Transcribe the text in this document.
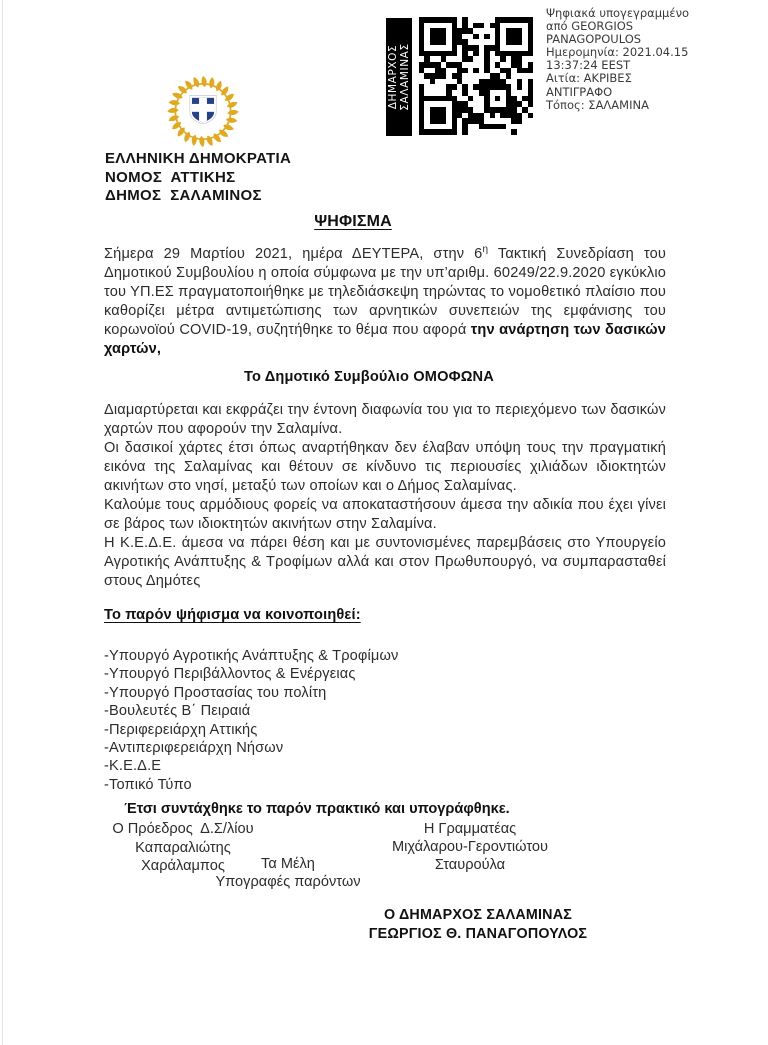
ΕΛΛΗΝΙΚΗ ΔΗΜΟΚΡΑΤΙΑ
ΝΟΜΟΣ  ΑΤΤΙΚΗΣ
ΔΗΜΟΣ  ΣΑΛΑΜΙΝΟΣ
ΔΗΜΑΡΧΟΣ ΣΑΛΑΜΙΝΑΣ
Ψηφιακά υπογεγραμμένο
από GEORGIOS
PANAGOPOULOS
Ημερομηνία: 2021.04.15
13:37:24 EEST
Αιτία: ΑΚΡΙΒΕΣ
ΑΝΤΙΓΡΑΦΟ
Τόπος: ΣΑΛΑΜΙΝΑ
ΨΗΦΙΣΜΑ
Σήμερα 29 Μαρτίου 2021, ημέρα ΔΕΥΤΕΡΑ, στην $6^\eta$ Τακτική Συνεδρίαση του Δημοτικού Συμβουλίου η οποία σύμφωνα με την υπ’αριθμ. 60249/22.9.2020 εγκύκλιο του ΥΠ.ΕΣ πραγματοποιήθηκε με τηλεδιάσκεψη τηρώντας το νομοθετικό πλαίσιο που καθορίζει μέτρα αντιμετώπισης των αρνητικών συνεπειών της εμφάνισης του κορωνοϊού COVID-19, συζητήθηκε το θέμα που αφορά την ανάρτηση των δασικών χαρτών,
Το Δημοτικό Συμβούλιο ΟΜΟΦΩΝΑ
Διαμαρτύρεται και εκφράζει την έντονη διαφωνία του για το περιεχόμενο των δασικών χαρτών που αφορούν την Σαλαμίνα.
Οι δασικοί χάρτες έτσι όπως αναρτήθηκαν δεν έλαβαν υπόψη τους την πραγματική εικόνα της Σαλαμίνας και θέτουν σε κίνδυνο τις περιουσίες χιλιάδων ιδιοκτητών ακινήτων στο νησί, μεταξύ των οποίων και ο Δήμος Σαλαμίνας.
Καλούμε τους αρμόδιους φορείς να αποκαταστήσουν άμεσα την αδικία που έχει γίνει σε βάρος των ιδιοκτητών ακινήτων στην Σαλαμίνα.
Η Κ.Ε.Δ.Ε. άμεσα να πάρει θέση και με συντονισμένες παρεμβάσεις στο Υπουργείο Αγροτικής Ανάπτυξης & Τροφίμων αλλά και στον Πρωθυπουργό, να συμπαρασταθεί στους Δημότες
Το παρόν ψήφισμα να κοινοποιηθεί:
-Υπουργό Αγροτικής Ανάπτυξης & Τροφίμων
-Υπουργό Περιβάλλοντος & Ενέργειας
-Υπουργό Προστασίας του πολίτη
-Βουλευτές Β΄ Πειραιά
-Περιφερειάρχη Αττικής
-Αντιπεριφερειάρχη Νήσων
-Κ.Ε.Δ.Ε
-Τοπικό Τύπο
Έτσι συντάχθηκε το παρόν πρακτικό και υπογράφθηκε.
Ο Πρόεδρος  Δ.Σ/λίου
Καπαραλιώτης Χαράλαμπος
Η Γραμματέας
Μιχάλαρου-Γεροντιώτου Σταυρούλα
Τα Μέλη
Υπογραφές παρόντων
Ο ΔΗΜΑΡΧΟΣ ΣΑΛΑΜΙΝΑΣ
ΓΕΩΡΓΙΟΣ Θ. ΠΑΝΑΓΟΠΟΥΛΟΣ
